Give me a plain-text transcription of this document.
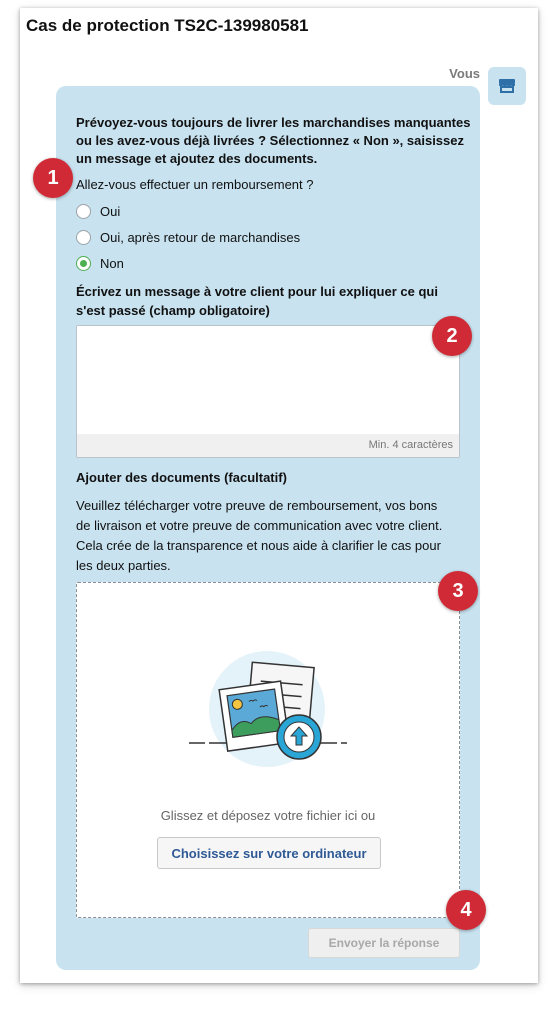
Cas de protection TS2C-139980581
Vous
Prévoyez-vous toujours de livrer les marchandises manquantes ou les avez-vous déjà livrées ? Sélectionnez « Non », saisissez un message et ajoutez des documents.
Allez-vous effectuer un remboursement ?
Oui
Oui, après retour de marchandises
Non
Écrivez un message à votre client pour lui expliquer ce qui s'est passé (champ obligatoire)
Min. 4 caractères
Ajouter des documents (facultatif)
Veuillez télécharger votre preuve de remboursement, vos bons de livraison et votre preuve de communication avec votre client. Cela crée de la transparence et nous aide à clarifier le cas pour les deux parties.
Glissez et déposez votre fichier ici ou
Choisissez sur votre ordinateur
Envoyer la réponse
1
2
3
4
